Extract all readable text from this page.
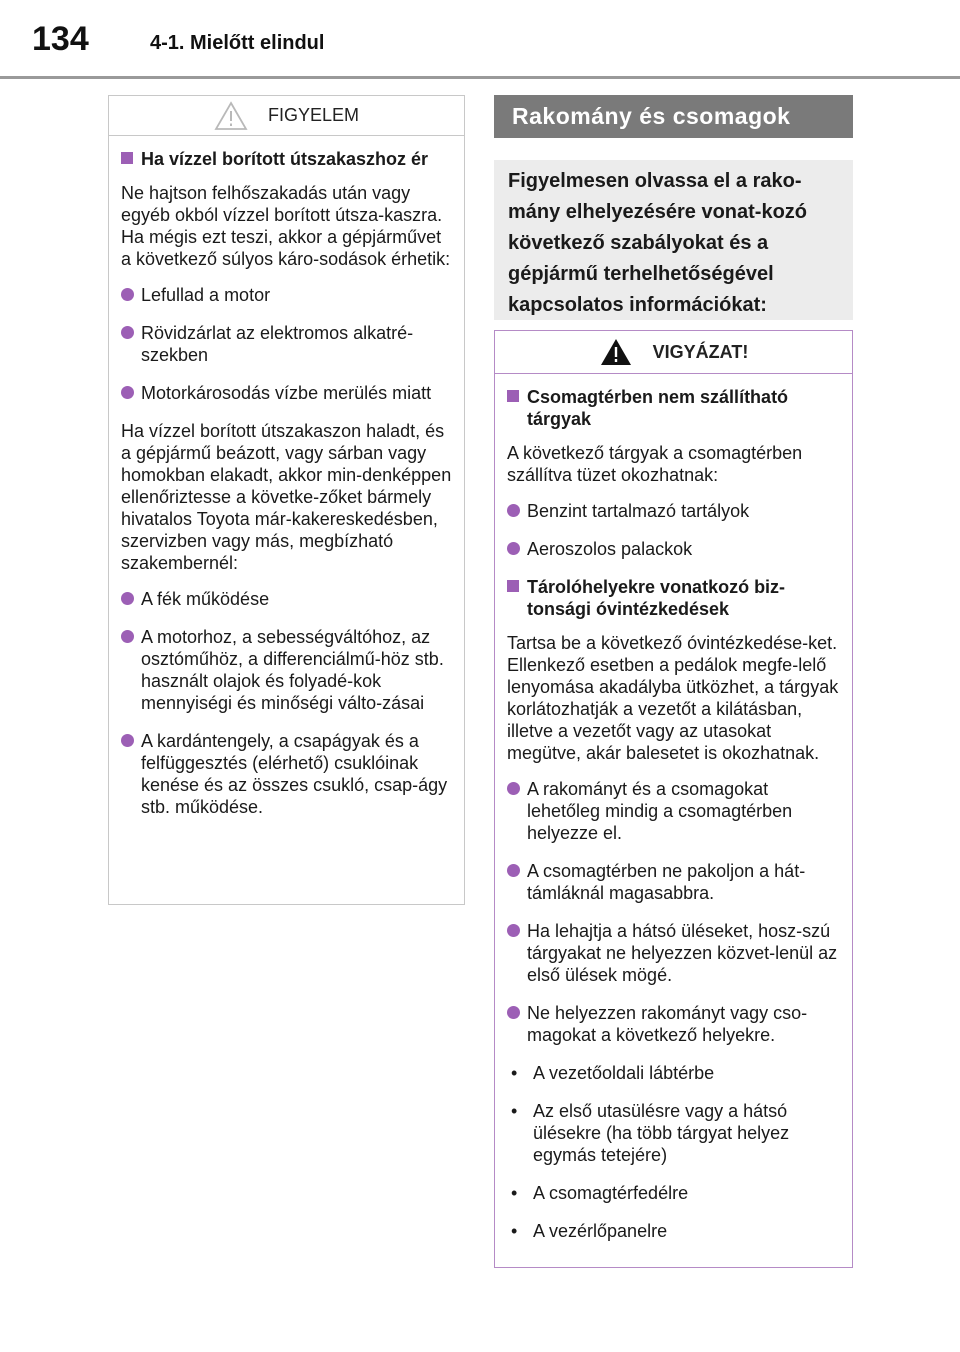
134	4-1. Mielőtt elindul
FIGYELEM
Ha vízzel borított útszakaszhoz ér
Ne hajtson felhőszakadás után vagy egyéb okból vízzel borított útsza-kaszra. Ha mégis ezt teszi, akkor a gépjárművet a következő súlyos káro-sodások érhetik:
Lefullad a motor
Rövidzárlat az elektromos alkatré-szekben
Motorkárosodás vízbe merülés miatt
Ha vízzel borított útszakaszon haladt, és a gépjármű beázott, vagy sárban vagy homokban elakadt, akkor min-denképpen ellenőriztesse a követke-zőket bármely hivatalos Toyota már-kakereskedésben, szervizben vagy más, megbízható szakembernél:
A fék működése
A motorhoz, a sebességváltóhoz, az osztóműhöz, a differenciálmű-höz stb. használt olajok és folyadé-kok mennyiségi és minőségi válto-zásai
A kardántengely, a csapágyak és a felfüggesztés (elérhető) csuklóinak kenése és az összes csukló, csap-ágy stb. működése.
Rakomány és csomagok
Figyelmesen olvassa el a rako-mány elhelyezésére vonat-kozó következő szabályokat és a gépjármű terhelhetőségével kapcsolatos információkat:
VIGYÁZAT!
Csomagtérben nem szállítható tárgyak
A következő tárgyak a csomagtérben szállítva tüzet okozhatnak:
Benzint tartalmazó tartályok
Aeroszolos palackok
Tárolóhelyekre vonatkozó biz-tonsági óvintézkedések
Tartsa be a következő óvintézkedése-ket.
Ellenkező esetben a pedálok megfe-lelő lenyomása akadályba ütközhet, a tárgyak korlátozhatják a vezetőt a kilátásban, illetve a vezetőt vagy az utasokat megütve, akár balesetet is okozhatnak.
A rakományt és a csomagokat lehetőleg mindig a csomagtérben helyezze el.
A csomagtérben ne pakoljon a hát-támláknál magasabbra.
Ha lehajtja a hátsó üléseket, hosz-szú tárgyakat ne helyezzen közvet-lenül az első ülések mögé.
Ne helyezzen rakományt vagy cso-magokat a következő helyekre.
• A vezetőoldali lábtérbe
• Az első utasülésre vagy a hátsó ülésekre (ha több tárgyat helyez egymás tetejére)
• A csomagtérfedélre
• A vezérlőpanelre
